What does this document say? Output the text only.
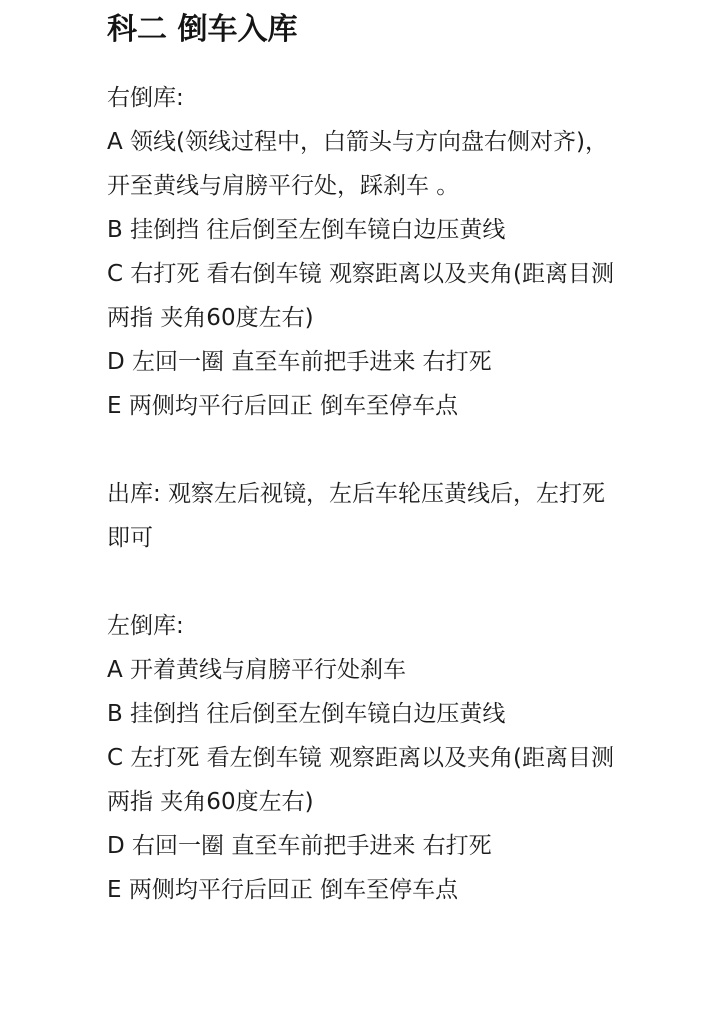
科二 倒车入库
右倒库:
A 领线(领线过程中，白箭头与方向盘右侧对齐)，开至黄线与肩膀平行处，踩刹车 。
B 挂倒挡 往后倒至左倒车镜白边压黄线
C 右打死 看右倒车镜 观察距离以及夹角(距离目测两指 夹角60度左右)
D 左回一圈 直至车前把手进来 右打死
E 两侧均平行后回正 倒车至停车点
出库: 观察左后视镜，左后车轮压黄线后，左打死即可
左倒库:
A 开着黄线与肩膀平行处刹车
B 挂倒挡 往后倒至左倒车镜白边压黄线
C 左打死 看左倒车镜 观察距离以及夹角(距离目测两指 夹角60度左右)
D 右回一圈 直至车前把手进来 右打死
E 两侧均平行后回正 倒车至停车点
